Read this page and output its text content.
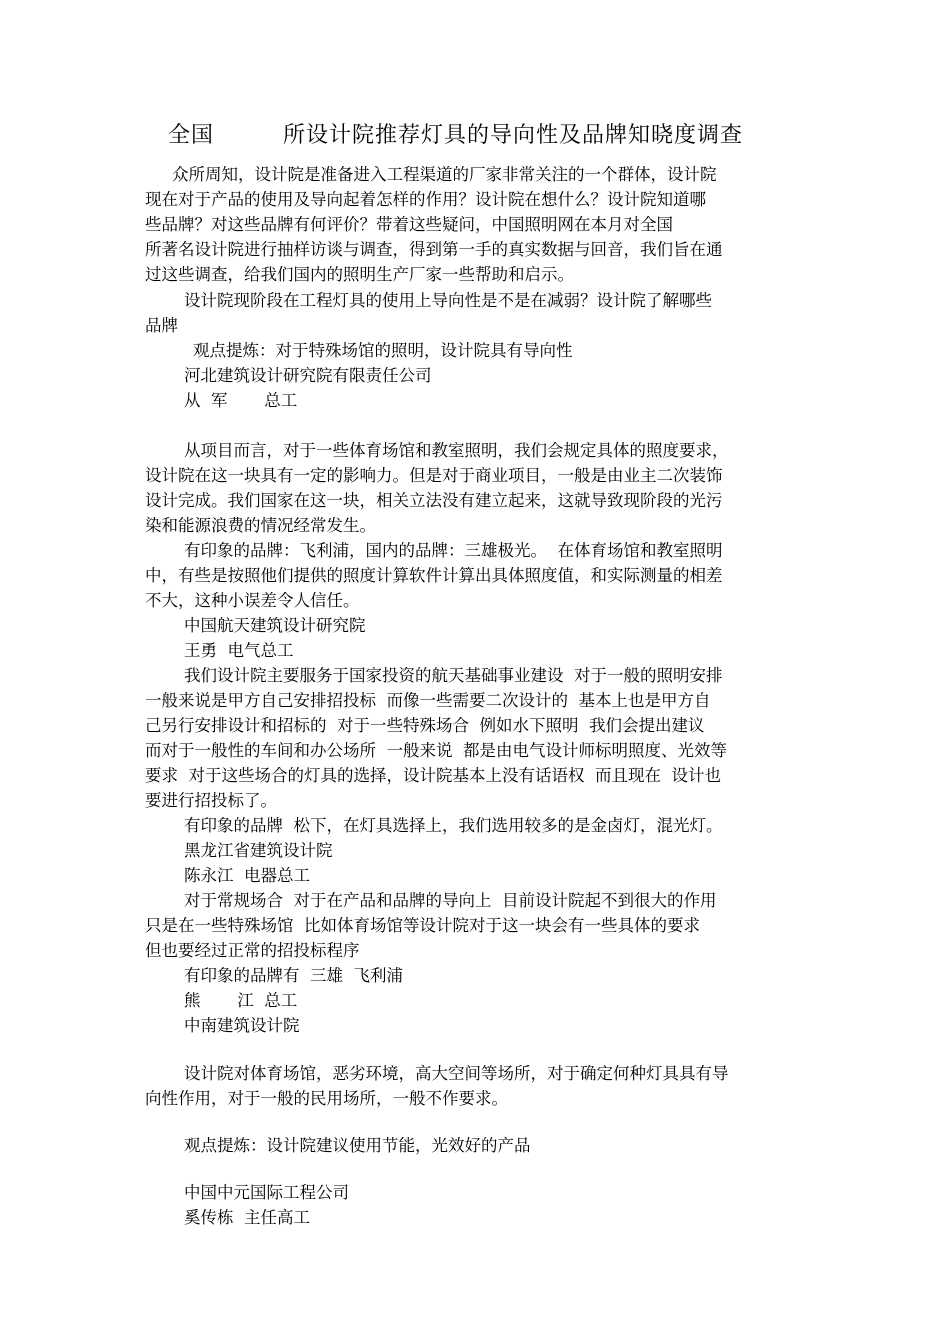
全国　　　所设计院推荐灯具的导向性及品牌知晓度调查
众所周知，设计院是准备进入工程渠道的厂家非常关注的一个群体，设计院
现在对于产品的使用及导向起着怎样的作用？设计院在想什么？设计院知道哪
些品牌？对这些品牌有何评价？带着这些疑问，中国照明网在本月对全国
所著名设计院进行抽样访谈与调查，得到第一手的真实数据与回音，我们旨在通
过这些调查，给我们国内的照明生产厂家一些帮助和启示。
设计院现阶段在工程灯具的使用上导向性是不是在减弱？设计院了解哪些
品牌
观点提炼：对于特殊场馆的照明，设计院具有导向性
河北建筑设计研究院有限责任公司
从  军       总工
从项目而言，对于一些体育场馆和教室照明，我们会规定具体的照度要求，
设计院在这一块具有一定的影响力。但是对于商业项目，一般是由业主二次装饰
设计完成。我们国家在这一块，相关立法没有建立起来，这就导致现阶段的光污
染和能源浪费的情况经常发生。
有印象的品牌：飞利浦，国内的品牌：三雄极光。  在体育场馆和教室照明
中，有些是按照他们提供的照度计算软件计算出具体照度值，和实际测量的相差
不大，这种小误差令人信任。
中国航天建筑设计研究院
王勇  电气总工
我们设计院主要服务于国家投资的航天基础事业建设  对于一般的照明安排
一般来说是甲方自己安排招投标  而像一些需要二次设计的  基本上也是甲方自
己另行安排设计和招标的  对于一些特殊场合  例如水下照明  我们会提出建议
而对于一般性的车间和办公场所  一般来说  都是由电气设计师标明照度、光效等
要求  对于这些场合的灯具的选择，设计院基本上没有话语权  而且现在  设计也
要进行招投标了。
有印象的品牌  松下，在灯具选择上，我们选用较多的是金卤灯，混光灯。
黑龙江省建筑设计院
陈永江  电器总工
对于常规场合  对于在产品和品牌的导向上  目前设计院起不到很大的作用
只是在一些特殊场馆  比如体育场馆等设计院对于这一块会有一些具体的要求
但也要经过正常的招投标程序
有印象的品牌有  三雄  飞利浦
熊       江  总工
中南建筑设计院
设计院对体育场馆，恶劣环境，高大空间等场所，对于确定何种灯具具有导
向性作用，对于一般的民用场所，一般不作要求。
观点提炼：设计院建议使用节能，光效好的产品
中国中元国际工程公司
奚传栋  主任高工
